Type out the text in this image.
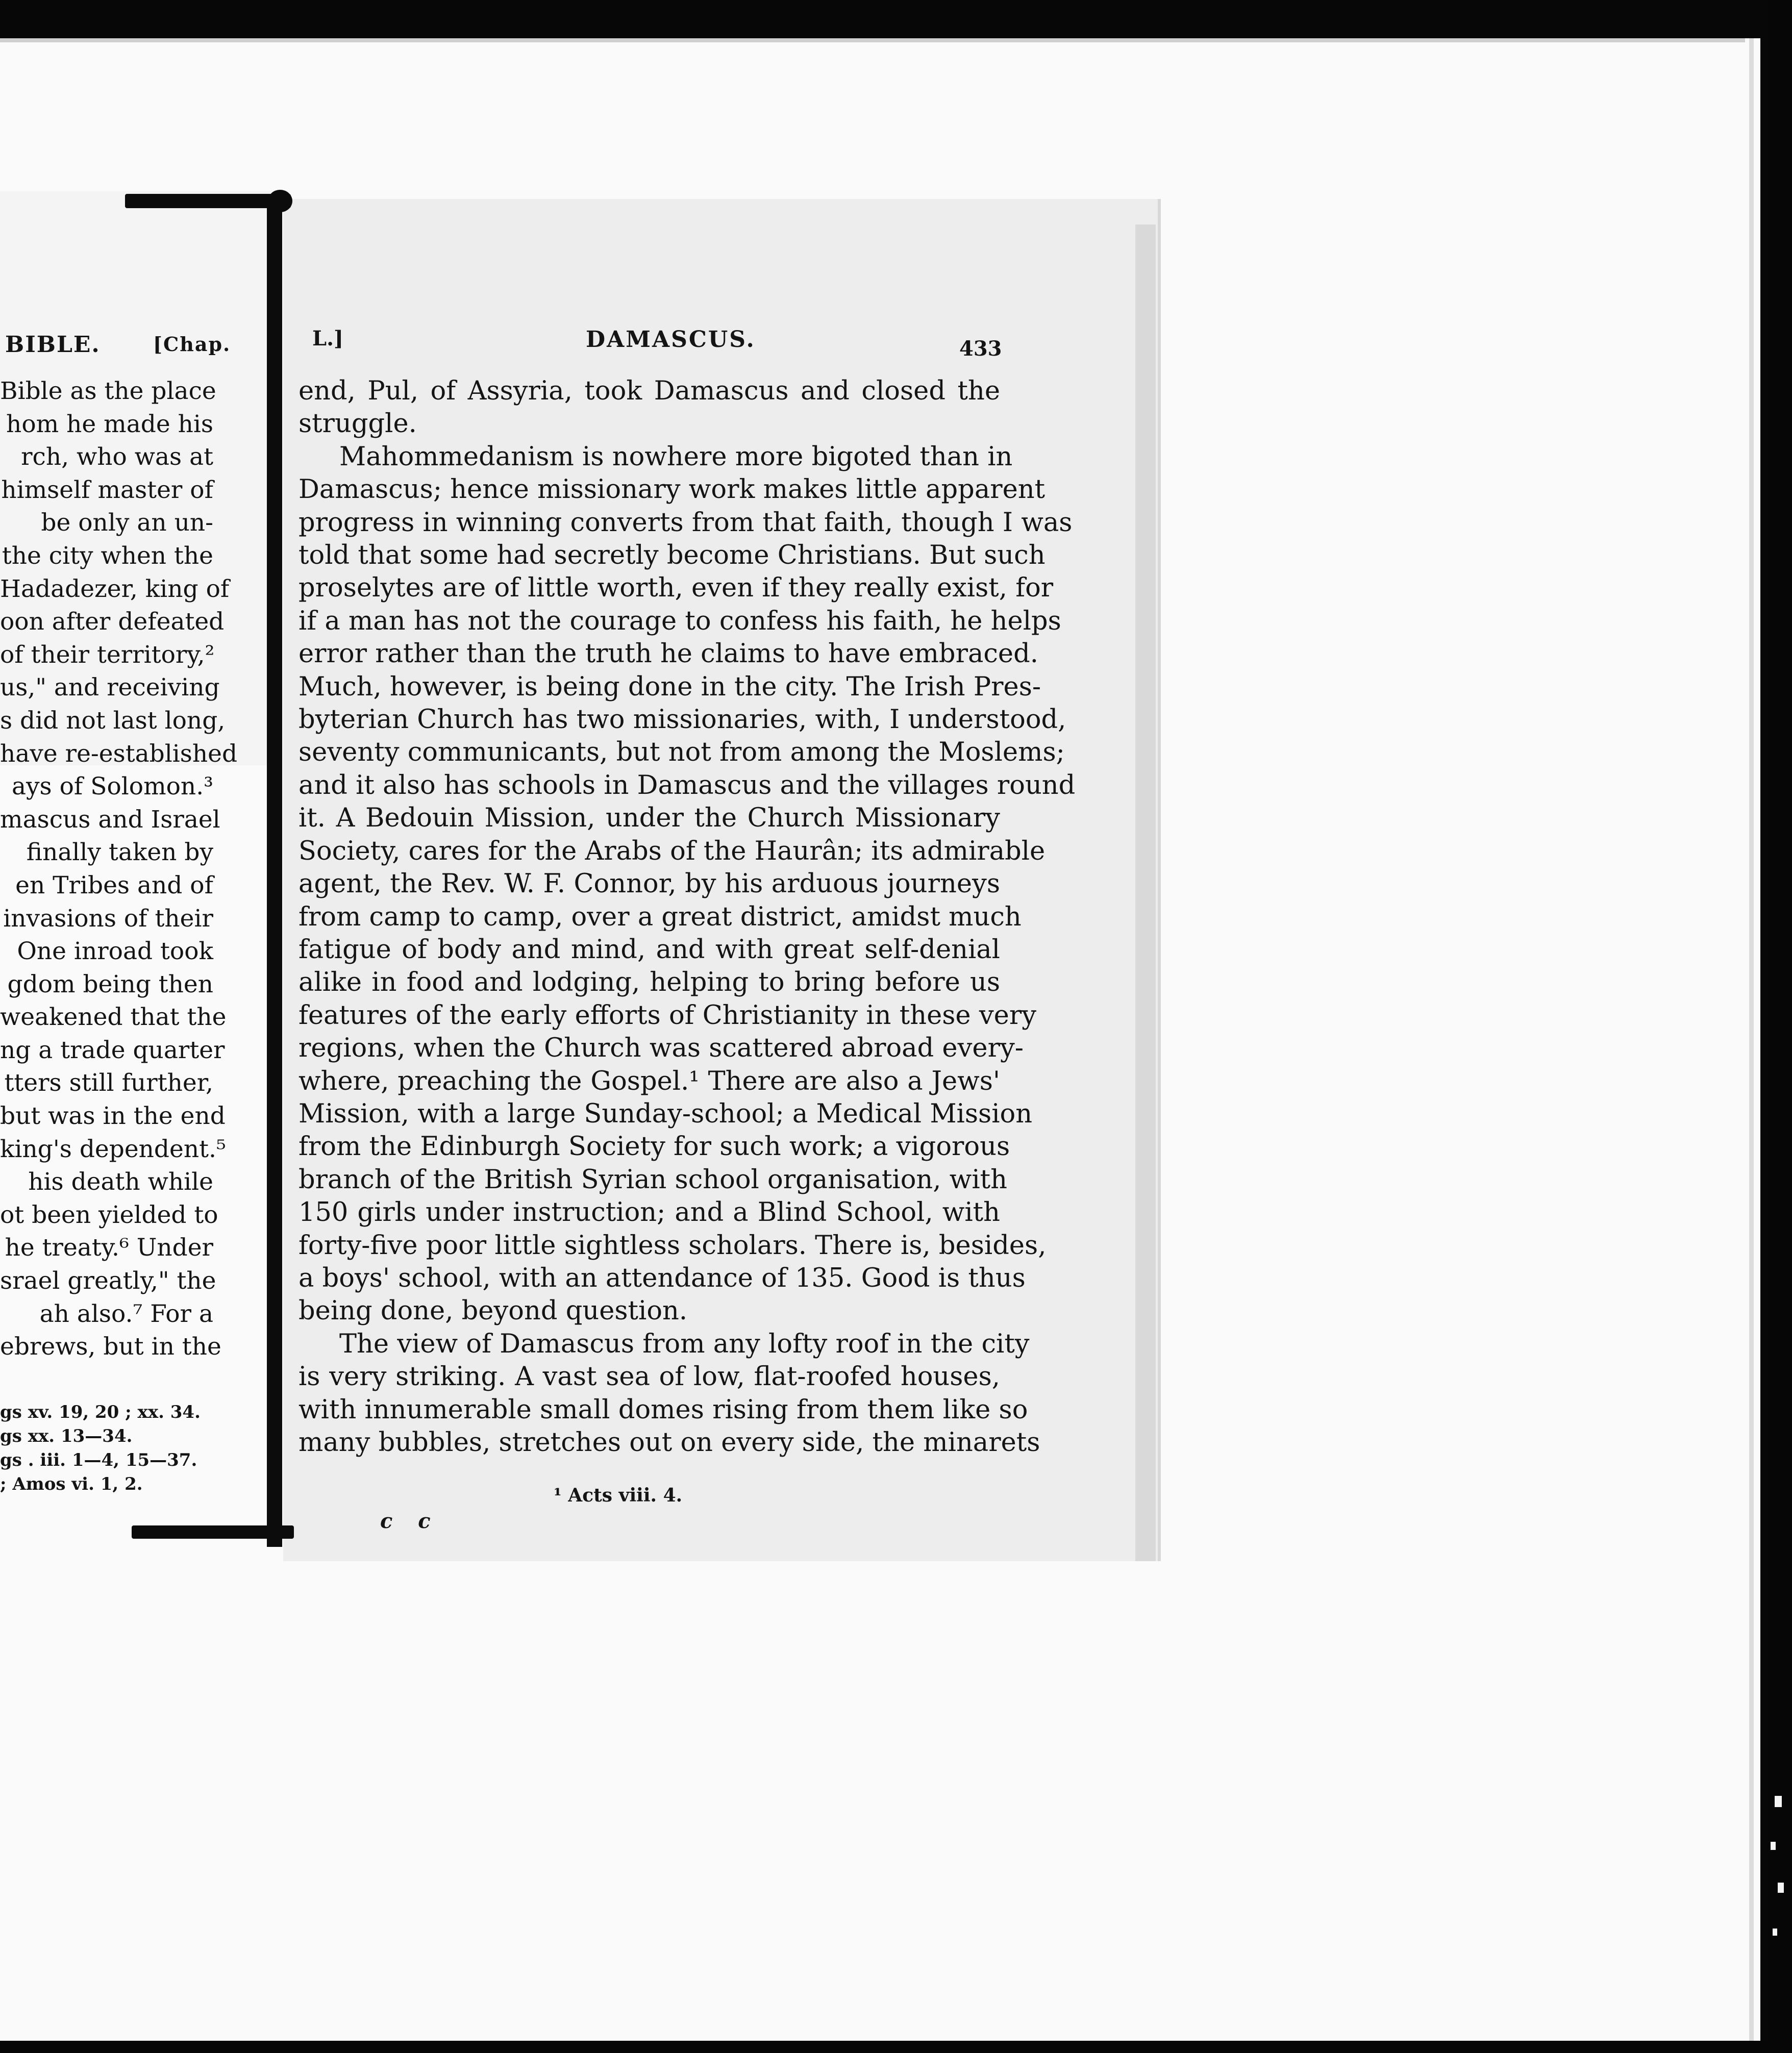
BIBLE.	[Chap.
Bible as the place
hom he made his
rch, who was at
himself master of
be only an un-
the city when the
Hadadezer, king of
oon after defeated
of their territory,²
us," and receiving
s did not last long,
have re-established
ays of Solomon.³
mascus and Israel
finally taken by
en Tribes and of
invasions of their
One inroad took
gdom being then
weakened that the
ng a trade quarter
tters still further,
but was in the end
king's dependent.⁵
his death while
ot been yielded to
he treaty.⁶ Under
srael greatly," the
ah also.⁷ For a
ebrews, but in the
gs xv. 19, 20 ; xx. 34.
gs xx. 13—34.
gs . iii. 1—4, 15—37.
; Amos vi. 1, 2.
L.]	DAMASCUS.	433
end, Pul, of Assyria, took Damascus and closed the
struggle.
Mahommedanism is nowhere more bigoted than in
Damascus; hence missionary work makes little apparent
progress in winning converts from that faith, though I was
told that some had secretly become Christians. But such
proselytes are of little worth, even if they really exist, for
if a man has not the courage to confess his faith, he helps
error rather than the truth he claims to have embraced.
Much, however, is being done in the city. The Irish Pres-
byterian Church has two missionaries, with, I understood,
seventy communicants, but not from among the Moslems;
and it also has schools in Damascus and the villages round
it. A Bedouin Mission, under the Church Missionary
Society, cares for the Arabs of the Haurân; its admirable
agent, the Rev. W. F. Connor, by his arduous journeys
from camp to camp, over a great district, amidst much
fatigue of body and mind, and with great self-denial
alike in food and lodging, helping to bring before us
features of the early efforts of Christianity in these very
regions, when the Church was scattered abroad every-
where, preaching the Gospel.¹ There are also a Jews'
Mission, with a large Sunday-school; a Medical Mission
from the Edinburgh Society for such work; a vigorous
branch of the British Syrian school organisation, with
150 girls under instruction; and a Blind School, with
forty-five poor little sightless scholars. There is, besides,
a boys' school, with an attendance of 135. Good is thus
being done, beyond question.
The view of Damascus from any lofty roof in the city
is very striking. A vast sea of low, flat-roofed houses,
with innumerable small domes rising from them like so
many bubbles, stretches out on every side, the minarets
¹ Acts viii. 4.
c c
